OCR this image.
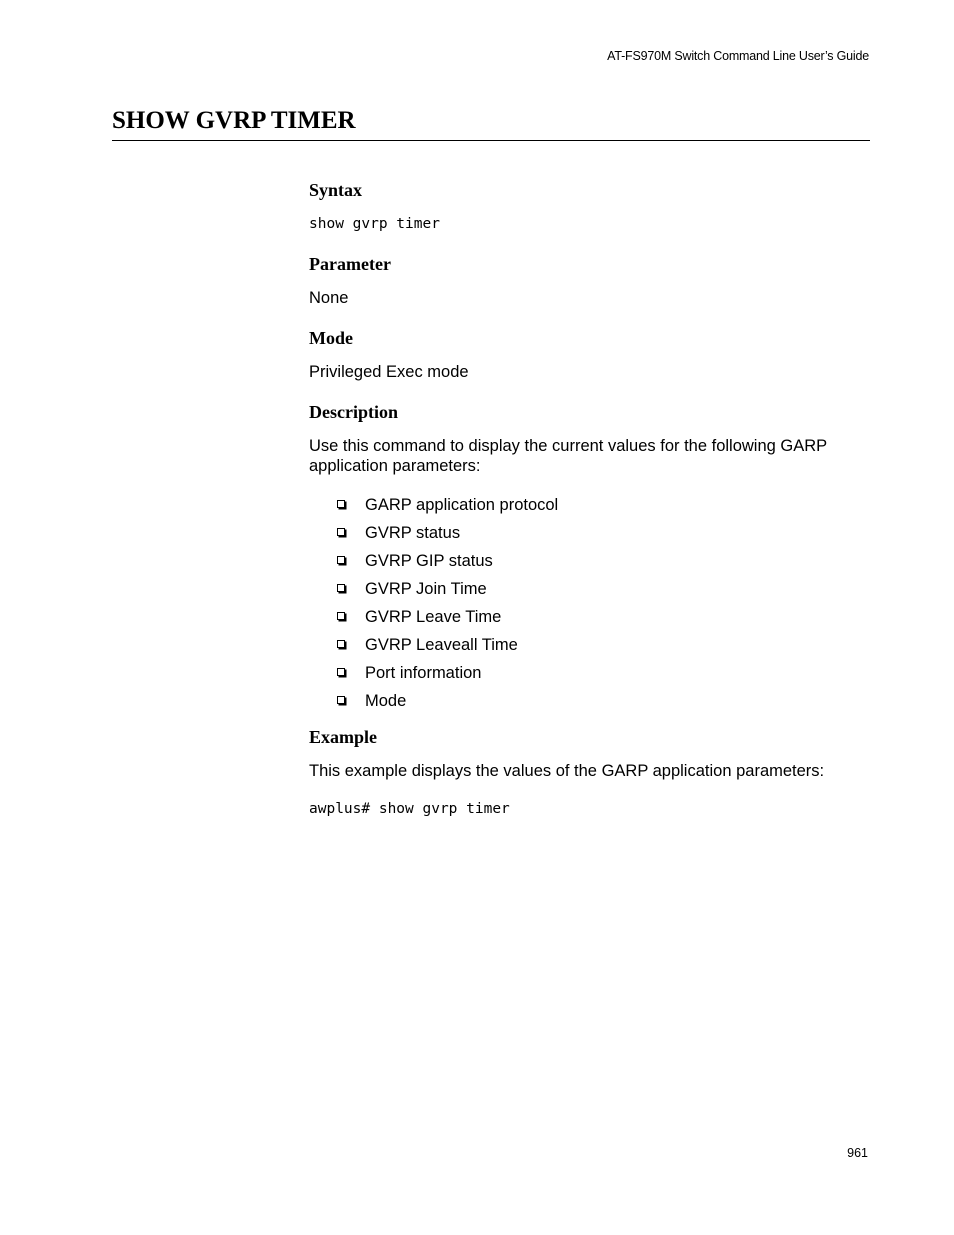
AT-FS970M Switch Command Line User’s Guide
SHOW GVRP TIMER
Syntax
show gvrp timer
Parameter

None

Mode

Privileged Exec mode

Description

Use this command to display the current values for the following GARP
application parameters:

GARP application protocol
GVRP status
GVRP GIP status
GVRP Join Time
GVRP Leave Time
GVRP Leaveall Time
Port information
Mode
Example

This example displays the values of the GARP application parameters:

awplus# show gvrp timer
961
